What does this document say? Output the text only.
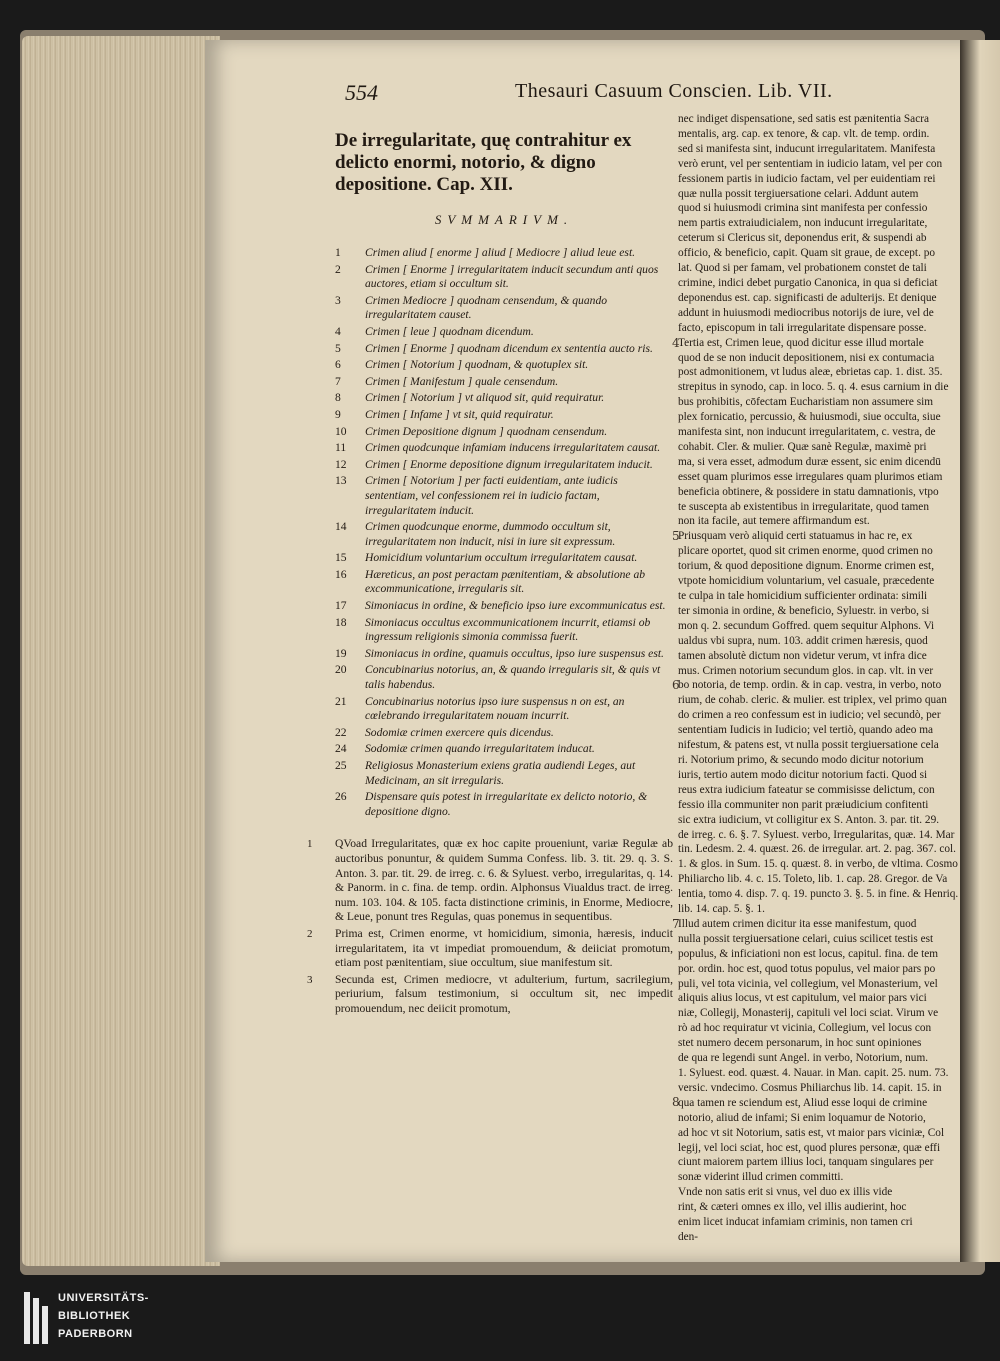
554	Thesauri Casuum Conscien. Lib. VII.
De irregularitate, quę contrahitur ex delicto enormi, notorio, & digno depositione. Cap. XII.
SVMMARIVM.
1	Crimen aliud [ enorme ] aliud [ Mediocre ] aliud leue est.
2	Crimen [ Enorme ] irregularitatem inducit secundum anti quos auctores, etiam si occultum sit.
3	Crimen Mediocre ] quodnam censendum, & quando irregularitatem causet.
4	Crimen [ leue ] quodnam dicendum.
5	Crimen [ Enorme ] quodnam dicendum ex sententia aucto ris.
6	Crimen [ Notorium ] quodnam, & quotuplex sit.
7	Crimen [ Manifestum ] quale censendum.
8	Crimen [ Notorium ] vt aliquod sit, quid requiratur.
9	Crimen [ Infame ] vt sit, quid requiratur.
10	Crimen Depositione dignum ] quodnam censendum.
11	Crimen quodcunque infamiam inducens irregularitatem causat.
12	Crimen [ Enorme depositione dignum irregularitatem inducit.
13	Crimen [ Notorium ] per facti euidentiam, ante iudicis sententiam, vel confessionem rei in iudicio factam, irregularitatem inducit.
14	Crimen quodcunque enorme, dummodo occultum sit, irregularitatem non inducit, nisi in iure sit expressum.
15	Homicidium voluntarium occultum irregularitatem causat.
16	Hæreticus, an post peractam pænitentiam, & absolutione ab excommunicatione, irregularis sit.
17	Simoniacus in ordine, & beneficio ipso iure excommunicatus est.
18	Simoniacus occultus excommunicationem incurrit, etiamsi ob ingressum religionis simonia commissa fuerit.
19	Simoniacus in ordine, quamuis occultus, ipso iure suspensus est.
20	Concubinarius notorius, an, & quando irregularis sit, & quis vt talis habendus.
21	Concubinarius notorius ipso iure suspensus n on est, an cœlebrando irregularitatem nouam incurrit.
22	Sodomiæ crimen exercere quis dicendus.
24	Sodomiæ crimen quando irregularitatem inducat.
25	Religiosus Monasterium exiens gratia audiendi Leges, aut Medicinam, an sit irregularis.
26	Dispensare quis potest in irregularitate ex delicto notorio, & depositione digno.

1 QVoad Irregularitates, quæ ex hoc capite proueniunt, variæ Regulæ ab auctoribus ponuntur, & quidem Summa Confess. lib. 3. tit. 29. q. 3. S. Anton. 3. par. tit. 29. de irreg. c. 6. & Syluest. verbo, irregularitas, q. 14. & Panorm. in c. fina. de temp. ordin. Alphonsus Viualdus tract. de irreg. num. 103. 104. & 105. facta distinctione criminis, in Enorme, Mediocre, & Leue, ponunt tres Regulas, quas ponemus in sequentibus.

2 Prima est, Crimen enorme, vt homicidium, simonia, hæresis, inducit irregularitatem, ita vt impediat promouendum, & deiiciat promotum, etiam post pænitentiam, siue occultum, siue manifestum sit.

3 Secunda est, Crimen mediocre, vt adulterium, furtum, sacrilegium, periurium, falsum testimonium, si occultum sit, nec impedit promouendum, nec deiicit promotum,

nec indiget dispensatione, sed satis est pænitentia Sacra
mentalis, arg. cap. ex tenore, & cap. vlt. de temp. ordin.
sed si manifesta sint, inducunt irregularitatem. Manifesta
verò erunt, vel per sententiam in iudicio latam, vel per con
fessionem partis in iudicio factam, vel per euidentiam rei
quæ nulla possit tergiuersatione celari. Addunt autem
quod si huiusmodi crimina sint manifesta per confessio
nem partis extraiudicialem, non inducunt irregularitate,
ceterum si Clericus sit, deponendus erit, & suspendi ab
officio, & beneficio, capit. Quam sit graue, de except. po
lat. Quod si per famam, vel probationem constet de tali
crimine, indici debet purgatio Canonica, in qua si deficiat
deponendus est. cap. significasti de adulterijs. Et denique
addunt in huiusmodi mediocribus notorijs de iure, vel de
facto, episcopum in tali irregularitate dispensare posse.
Tertia est, Crimen leue, quod dicitur esse illud mortale
quod de se non inducit depositionem, nisi ex contumacia
post admonitionem, vt ludus aleæ, ebrietas cap. 1. dist. 35.
strepitus in synodo, cap. in loco. 5. q. 4. esus carnium in die
bus prohibitis, cōfectam Eucharistiam non assumere sim
plex fornicatio, percussio, & huiusmodi, siue occulta, siue
manifesta sint, non inducunt irregularitatem, c. vestra, de
cohabit. Cler. & mulier. Quæ sanè Regulæ, maximè pri
ma, si vera esset, admodum duræ essent, sic enim dicendū
esset quam plurimos esse irregulares quam plurimos etiam
beneficia obtinere, & possidere in statu damnationis, vtpo
te suscepta ab existentibus in irregularitate, quod tamen
non ita facile, aut temere affirmandum est.
Priusquam verò aliquid certi statuamus in hac re, ex
plicare oportet, quod sit crimen enorme, quod crimen no
torium, & quod depositione dignum. Enorme crimen est,
vtpote homicidium voluntarium, vel casuale, præcedente
te culpa in tale homicidium sufficienter ordinata: simili
ter simonia in ordine, & beneficio, Syluestr. in verbo, si
mon q. 2. secundum Goffred. quem sequitur Alphons. Vi
ualdus vbi supra, num. 103. addit crimen hæresis, quod
tamen absolutè dictum non videtur verum, vt infra dice
mus. Crimen notorium secundum glos. in cap. vlt. in ver
bo notoria, de temp. ordin. & in cap. vestra, in verbo, noto
rium, de cohab. cleric. & mulier. est triplex, vel primo quan
do crimen a reo confessum est in iudicio; vel secundò, per
sententiam Iudicis in Iudicio; vel tertiò, quando adeo ma
nifestum, & patens est, vt nulla possit tergiuersatione cela
ri. Notorium primo, & secundo modo dicitur notorium
iuris, tertio autem modo dicitur notorium facti. Quod si
reus extra iudicium fateatur se commisisse delictum, con
fessio illa communiter non parit præiudicium confitenti
sic extra iudicium, vt colligitur ex S. Anton. 3. par. tit. 29.
de irreg. c. 6. §. 7. Syluest. verbo, Irregularitas, quæ. 14. Mar
tin. Ledesm. 2. 4. quæst. 26. de irregular. art. 2. pag. 367. col.
1. & glos. in Sum. 15. q. quæst. 8. in verbo, de vltima. Cosmo
Philiarcho lib. 4. c. 15. Toleto, lib. 1. cap. 28. Gregor. de Va
lentia, tomo 4. disp. 7. q. 19. puncto 3. §. 5. in fine. & Henriq.
lib. 14. cap. 5. §. 1.
Illud autem crimen dicitur ita esse manifestum, quod
nulla possit tergiuersatione celari, cuius scilicet testis est
populus, & inficiationi non est locus, capitul. fina. de tem
por. ordin. hoc est, quod totus populus, vel maior pars po
puli, vel tota vicinia, vel collegium, vel Monasterium, vel
aliquis alius locus, vt est capitulum, vel maior pars vici
niæ, Collegij, Monasterij, capituli vel loci sciat. Virum ve
rò ad hoc requiratur vt vicinia, Collegium, vel locus con
stet numero decem personarum, in hoc sunt opiniones
de qua re legendi sunt Angel. in verbo, Notorium, num.
1. Syluest. eod. quæst. 4. Nauar. in Man. capit. 25. num. 73.
versic. vndecimo. Cosmus Philiarchus lib. 14. capit. 15. in
qua tamen re sciendum est, Aliud esse loqui de crimine
notorio, aliud de infami; Si enim loquamur de Notorio,
ad hoc vt sit Notorium, satis est, vt maior pars viciniæ, Col
legij, vel loci sciat, hoc est, quod plures personæ, quæ effi
ciunt maiorem partem illius loci, tanquam singulares per
sonæ viderint illud crimen committi.
Vnde non satis erit si vnus, vel duo ex illis vide
rint, & cæteri omnes ex illo, vel illis audierint, hoc
enim licet inducat infamiam criminis, non tamen cri
den-
UNIVERSITÄTS-
BIBLIOTHEK
PADERBORN
4
5
6
7
8
